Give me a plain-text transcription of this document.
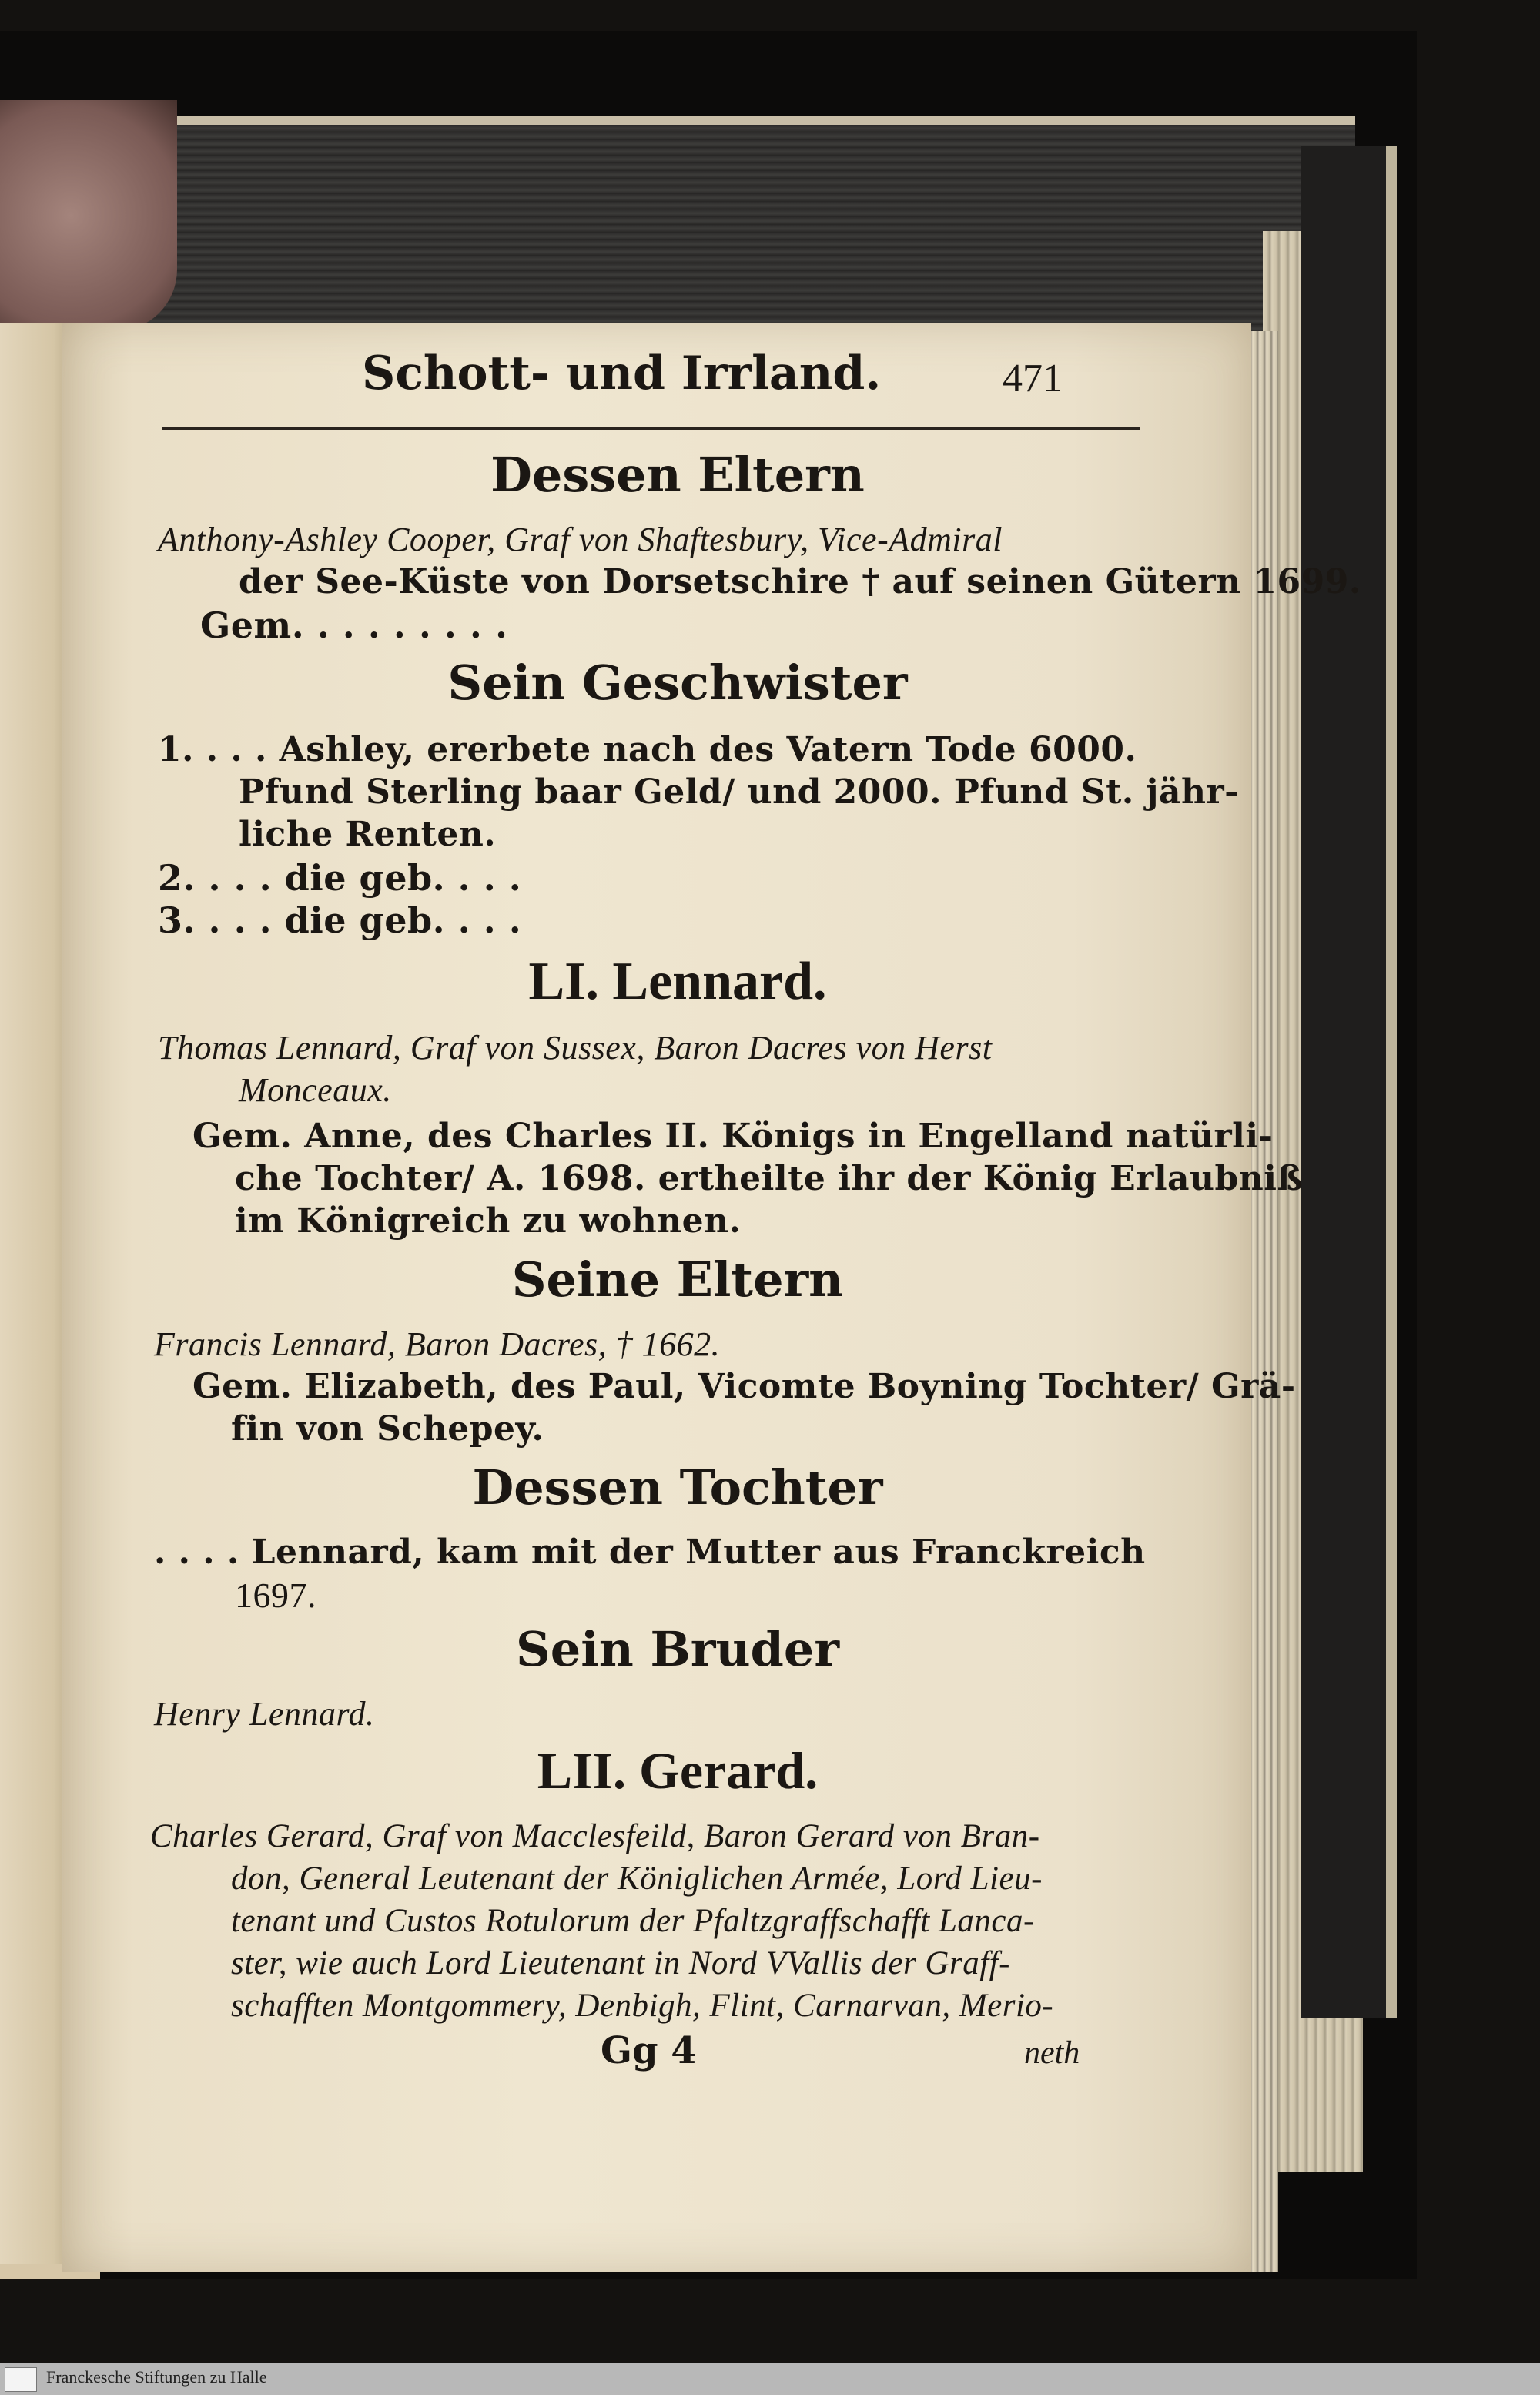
Schott- und Irrland.	471
Dessen Eltern
Anthony-Ashley Cooper, Graf von Shaftesbury, Vice-Admiral
der See-Küste von Dorsetschire † auf seinen Gütern 1699.
Gem. . . . . . . . .
Sein Geschwister
1. . . . Ashley, ererbete nach des Vatern Tode 6000.
Pfund Sterling baar Geld/ und 2000. Pfund St. jähr-
liche Renten.
2. . . . die geb. . . .
3. . . . die geb. . . .
LI. Lennard.
Thomas Lennard, Graf von Sussex, Baron Dacres von Herst
Monceaux.
Gem. Anne, des Charles II. Königs in Engelland natürli-
che Tochter/ A. 1698. ertheilte ihr der König Erlaubniß
im Königreich zu wohnen.
Seine Eltern
Francis Lennard, Baron Dacres, † 1662.
Gem. Elizabeth, des Paul, Vicomte Boyning Tochter/ Grä-
fin von Schepey.
Dessen Tochter
. . . . Lennard, kam mit der Mutter aus Franckreich
1697.
Sein Bruder
Henry Lennard.
LII. Gerard.
Charles Gerard, Graf von Macclesfeild, Baron Gerard von Bran-
don, General Leutenant der Königlichen Armée, Lord Lieu-
tenant und Custos Rotulorum der Pfaltzgraffschafft Lanca-
ster, wie auch Lord Lieutenant in Nord VVallis der Graff-
schafften Montgommery, Denbigh, Flint, Carnarvan, Merio-
Gg 4	neth
Franckesche Stiftungen zu Halle
